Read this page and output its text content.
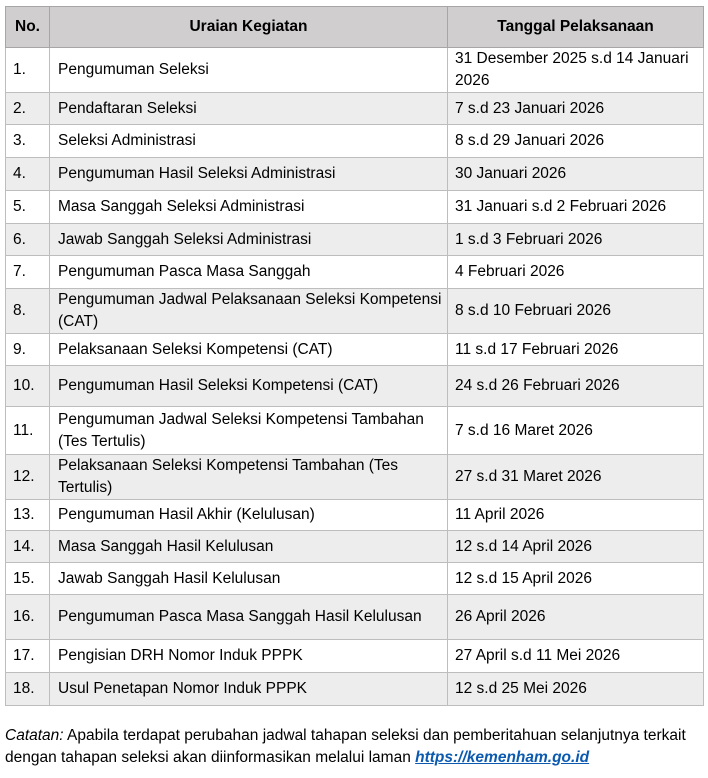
No.	Uraian Kegiatan	Tanggal Pelaksanaan
1.	Pengumuman Seleksi	31 Desember 2025 s.d 14 Januari 2026
2.	Pendaftaran Seleksi	7 s.d 23 Januari 2026
3.	Seleksi Administrasi	8 s.d 29 Januari 2026
4.	Pengumuman Hasil Seleksi Administrasi	30 Januari 2026
5.	Masa Sanggah Seleksi Administrasi	31 Januari s.d 2 Februari 2026
6.	Jawab Sanggah Seleksi Administrasi	1 s.d 3 Februari 2026
7.	Pengumuman Pasca Masa Sanggah	4 Februari 2026
8.	Pengumuman Jadwal Pelaksanaan Seleksi Kompetensi (CAT)	8 s.d 10 Februari 2026
9.	Pelaksanaan Seleksi Kompetensi (CAT)	11 s.d 17 Februari 2026
10.	Pengumuman Hasil Seleksi Kompetensi (CAT)	24 s.d 26 Februari 2026
11.	Pengumuman Jadwal Seleksi Kompetensi Tambahan (Tes Tertulis)	7 s.d 16 Maret 2026
12.	Pelaksanaan Seleksi Kompetensi Tambahan (Tes Tertulis)	27 s.d 31 Maret 2026
13.	Pengumuman Hasil Akhir (Kelulusan)	11 April 2026
14.	Masa Sanggah Hasil Kelulusan	12 s.d 14 April 2026
15.	Jawab Sanggah Hasil Kelulusan	12 s.d 15 April 2026
16.	Pengumuman Pasca Masa Sanggah Hasil Kelulusan	26 April 2026
17.	Pengisian DRH Nomor Induk PPPK	27 April s.d 11 Mei 2026
18.	Usul Penetapan Nomor Induk PPPK	12 s.d 25 Mei 2026
Catatan: Apabila terdapat perubahan jadwal tahapan seleksi dan pemberitahuan selanjutnya terkait dengan tahapan seleksi akan diinformasikan melalui laman https://kemenham.go.id
